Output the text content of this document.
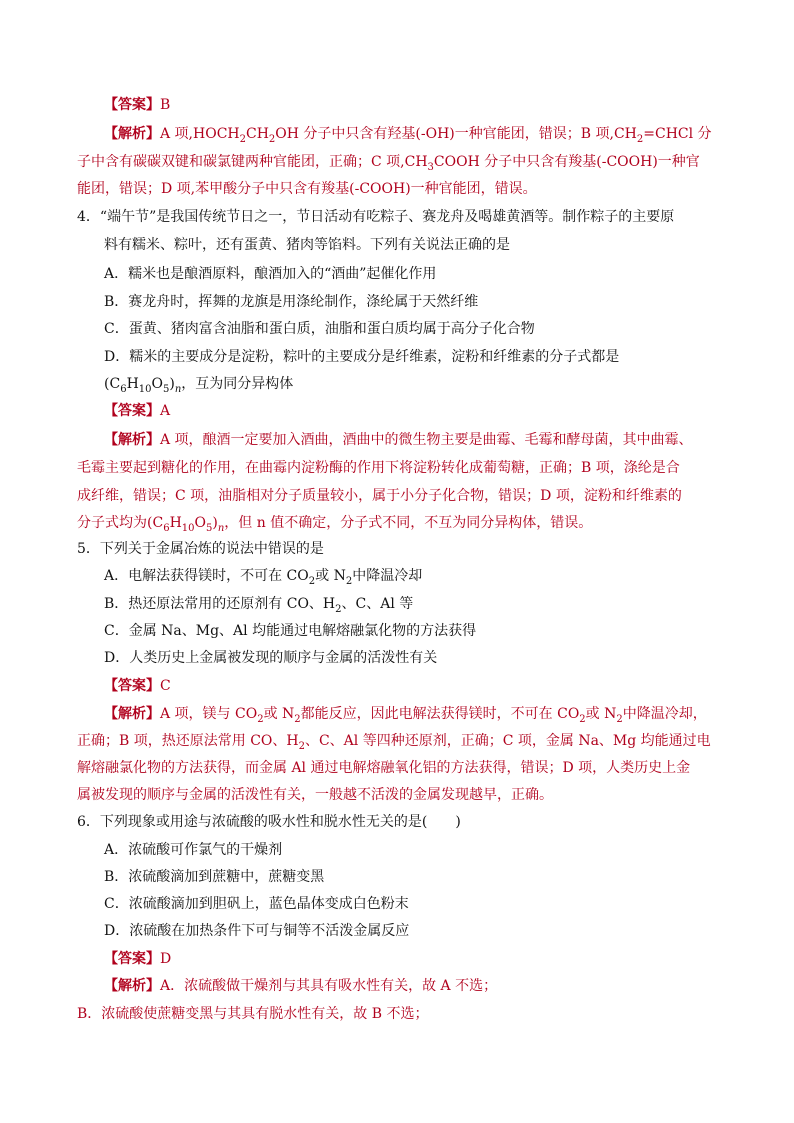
【答案】B
【解析】A 项$,HOCH_2CH_2OH$ 分子中只含有羟基(-OH)一种官能团，错误；B 项$,CH_2=CHCl$ 分
子中含有碳碳双键和碳氯键两种官能团，正确；C 项$,CH_3COOH$ 分子中只含有羧基(-COOH)一种官
能团，错误；D 项,苯甲酸分子中只含有羧基(-COOH)一种官能团，错误。
4．“端午节”是我国传统节日之一，节日活动有吃粽子、赛龙舟及喝雄黄酒等。制作粽子的主要原
料有糯米、粽叶，还有蛋黄、猪肉等馅料。下列有关说法正确的是
A．糯米也是酿酒原料，酿酒加入的“酒曲”起催化作用
B．赛龙舟时，挥舞的龙旗是用涤纶制作，涤纶属于天然纤维
C．蛋黄、猪肉富含油脂和蛋白质，油脂和蛋白质均属于高分子化合物
D．糯米的主要成分是淀粉，粽叶的主要成分是纤维素，淀粉和纤维素的分子式都是
$(C_6H_{10}O_5)_n$，互为同分异构体
【答案】A
【解析】A 项，酿酒一定要加入酒曲，酒曲中的微生物主要是曲霉、毛霉和酵母菌，其中曲霉、
毛霉主要起到糖化的作用，在曲霉内淀粉酶的作用下将淀粉转化成葡萄糖，正确；B 项，涤纶是合
成纤维，错误；C 项，油脂相对分子质量较小，属于小分子化合物，错误；D 项，淀粉和纤维素的
分子式均为$(C_6H_{10}O_5)_n$，但 n 值不确定，分子式不同，不互为同分异构体，错误。
5．下列关于金属冶炼的说法中错误的是
A．电解法获得镁时，不可在 $CO_2$或 $N_2$中降温冷却
B．热还原法常用的还原剂有 CO、$H_2$、C、Al 等
C．金属 Na、Mg、Al 均能通过电解熔融氯化物的方法获得
D．人类历史上金属被发现的顺序与金属的活泼性有关
【答案】C
【解析】A 项，镁与 $CO_2$或 $N_2$都能反应，因此电解法获得镁时，不可在 $CO_2$或 $N_2$中降温冷却，
正确；B 项，热还原法常用 CO、$H_2$、C、Al 等四种还原剂，正确；C 项，金属 Na、Mg 均能通过电
解熔融氯化物的方法获得，而金属 Al 通过电解熔融氧化铝的方法获得，错误；D 项，人类历史上金
属被发现的顺序与金属的活泼性有关，一般越不活泼的金属发现越早，正确。
6．下列现象或用途与浓硫酸的吸水性和脱水性无关的是(　　)
A．浓硫酸可作氯气的干燥剂
B．浓硫酸滴加到蔗糖中，蔗糖变黑
C．浓硫酸滴加到胆矾上，蓝色晶体变成白色粉末
D．浓硫酸在加热条件下可与铜等不活泼金属反应
【答案】D
【解析】A．浓硫酸做干燥剂与其具有吸水性有关，故 A 不选；
B．浓硫酸使蔗糖变黑与其具有脱水性有关，故 B 不选；
